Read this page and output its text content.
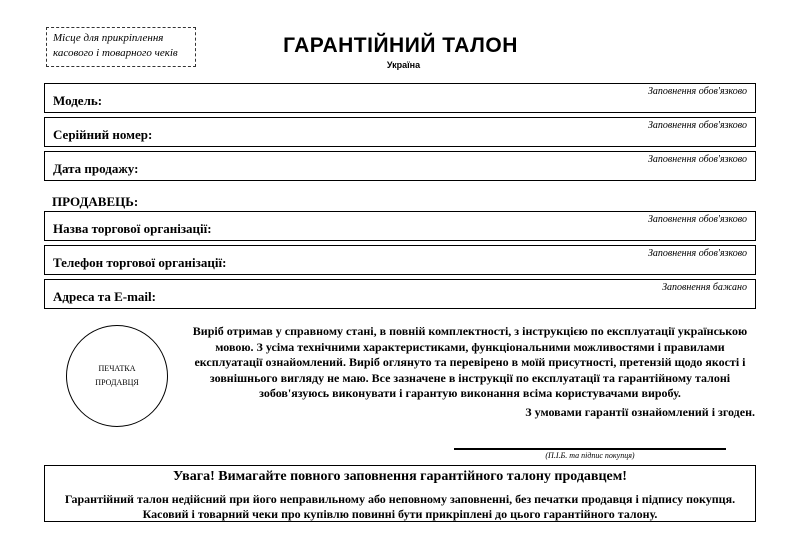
Місце для прикріплення
касового і товарного чеків	ГАРАНТІЙНИЙ ТАЛОН
Україна
Модель:
Заповнення обов'язково
Серійний номер:
Заповнення обов'язково
Дата продажу:
Заповнення обов'язково
ПРОДАВЕЦЬ:
Назва торгової організації:
Заповнення обов'язково
Телефон торгової організації:
Заповнення обов'язково
Адреса та E-mail:
Заповнення бажано
ПЕЧАТКА ПРОДАВЦЯ
Виріб отримав у справному стані, в повній комплектності, з інструкцією по експлуатації українською мовою. З усіма технічними характеристиками, функціональними можливостями і правилами експлуатації ознайомлений. Виріб оглянуто та перевірено в моїй присутності, претензій щодо якості і зовнішнього вигляду не маю. Все зазначене в інструкції по експлуатації та гарантійному талоні зобов'язуюсь виконувати і гарантую виконання всіма користувачами виробу.
З умовами гарантії ознайомлений і згоден.
(П.І.Б. та підпис покупця)
Увага! Вимагайте повного заповнення гарантійного талону продавцем!
Гарантійний талон недійсний при його неправильному або неповному заповненні, без печатки продавця і підпису покупця. Касовий і товарний чеки про купівлю повинні бути прикріплені до цього гарантійного талону.
